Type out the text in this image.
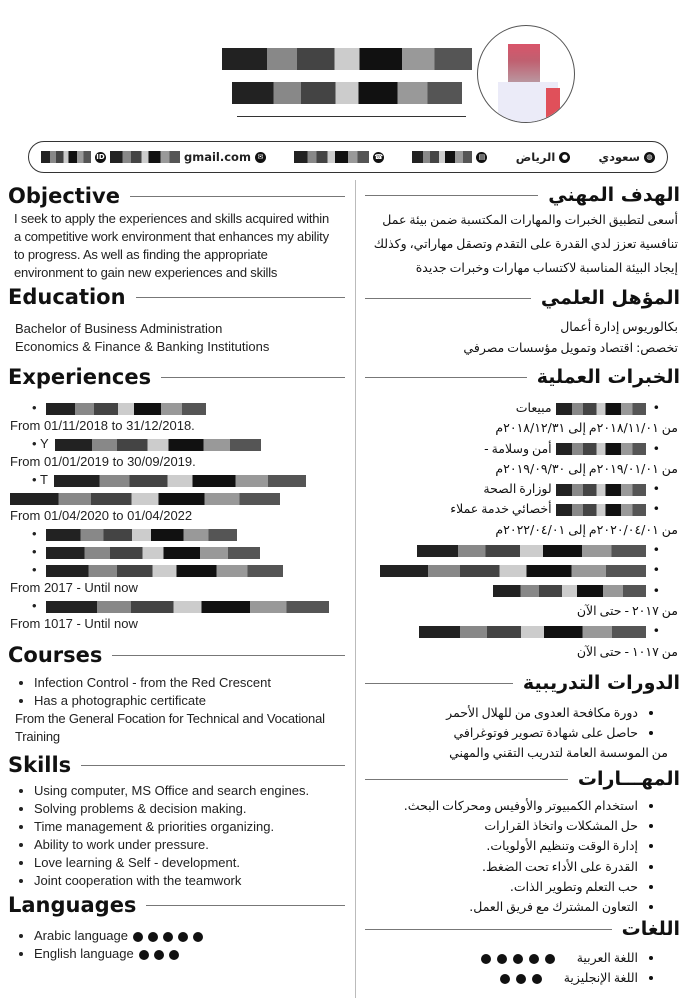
ID	gmail.com ✉	☎	▤	الرياض ●	سعودي ◍
Objective
I seek to apply the experiences and skills acquired within
a competitive work environment that enhances my ability
to progress. As well as finding the appropriate
environment to gain new experiences and skills
Education
Bachelor of Business Administration
Economics & Finance & Banking Institutions
Experiences
•
From 01/11/2018 to 31/12/2018.
• Y
From 01/01/2019 to 30/09/2019.
• T
From 01/04/2020 to 01/04/2022
•
•
•
From 2017 - Until now
•
From 1017 - Until now
Courses
• Infection Control - from the Red Crescent
• Has a photographic certificate
From the General Focation for Technical and Vocational
Training
Skills
• Using computer, MS Office and search engines.
• Solving problems & decision making.
• Time management & priorities organizing.
• Ability to work under pressure.
• Love learning & Self - development.
• Joint cooperation with the teamwork
Languages
• Arabic language
• English language
الهدف المهني
أسعى لتطبيق الخبرات والمهارات المكتسبة ضمن بيئة عمل
تنافسية تعزز لدي القدرة على التقدم وتصقل مهاراتي، وكذلك
إيجاد البيئة المناسبة لاكتساب مهارات وخبرات جديدة
المؤهل العلمي
بكالوريوس إدارة أعمال
تخصص: اقتصاد وتمويل مؤسسات مصرفي
الخبرات العملية
• مبيعات
من ٢٠١٨/١١/٠١م إلى ٢٠١٨/١٢/٣١م
• أمن وسلامة -
من ٢٠١٩/٠١/٠١م إلى ٢٠١٩/٠٩/٣٠م
• لوزارة الصحة
• أخصائي خدمة عملاء
من ٢٠٢٠/٠٤/٠١م إلى ٢٠٢٢/٠٤/٠١م
•
•
•
من ٢٠١٧ - حتى الآن
•
من ١٠١٧ - حتى الآن
الدورات التدريبية
• دورة مكافحة العدوى من للهلال الأحمر
• حاصل على شهادة تصوير فوتوغرافي
من الموسسة العامة لتدريب التقني والمهني
المهـــارات
• استخدام الكمبيوتر والأوفيس ومحركات البحث.
• حل المشكلات واتخاذ القرارات
• إدارة الوقت وتنظيم الأولويات.
• القدرة على الأداء تحت الضغط.
• حب التعلم وتطوير الذات.
• التعاون المشترك مع فريق العمل.
اللغات
• اللغة العربية
• اللغة الإنجليزية
